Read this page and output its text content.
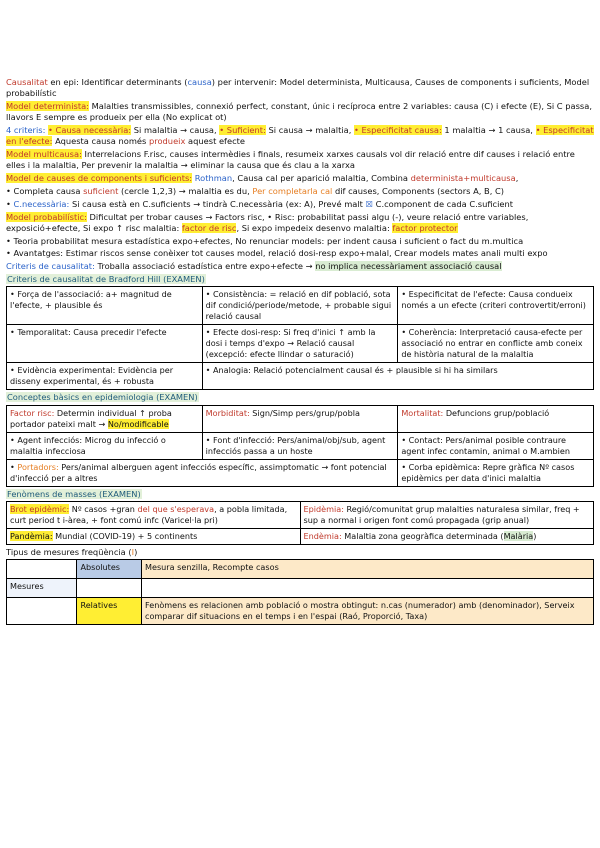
Causalitat en epi: Identificar determinants (causa) per intervenir: Model determinista, Multicausa, Causes de components i suficients, Model probabilístic

Model determinista: Malalties transmissibles, connexió perfect, constant, únic i recíproca entre 2 variables: causa (C) i efecte (E), Si C passa, llavors E sempre es produeix per ella (No explicat ot)

4 criteris: • Causa necessària: Si malaltia → causa, • Suficient: Si causa → malaltia, • Especificitat causa: 1 malaltia → 1 causa, • Especificitat en l'efecte: Aquesta causa només produeix aquest efecte

Model multicausa: Interrelacions F.risc, causes intermèdies i finals, resumeix xarxes causals vol dir relació entre dif causes i relació entre elles i la malaltia, Per prevenir la malaltia → eliminar la causa que és clau a la xarxa

Model de causes de components i suficients: Rothman, Causa cal per aparició malaltia, Combina determinista+multicausa,

• Completa causa suficient (cercle 1,2,3) → malaltia es du, Per completarla cal dif causes, Components (sectors A, B, C)

• C.necessària: Si causa està en C.suficients → tindrà C.necessària (ex: A), Prevé malt ☒ C.component de cada C.suficient

Model probabilístic: Dificultat per trobar causes → Factors risc, • Risc: probabilitat passi algu (-), veure relació entre variables, exposició+efecte, Si expo ↑ risc malaltia: factor de risc, Si expo impedeix desenvo malaltia: factor protector

• Teoria probabilitat mesura estadística expo+efectes, No renunciar models: per indent causa i suficient o fact du m.multica

• Avantatges: Estimar riscos sense conèixer tot causes model, relació dosi-resp expo+malal, Crear models mates anali multi expo

Criteris de causalitat: Troballa associació estadística entre expo+efecte → no implica necessàriament associació causal

Criteris de causalitat de Bradford Hill (EXAMEN)

• Força de l'associació: a+ magnitud de l'efecte, + plausible és	• Consistència: = relació en dif població, sota dif condició/periode/metode, + probable sigui relació causal	• Especificitat de l'efecte: Causa condueix només a un efecte (criteri controvertit/erroni)
• Temporalitat: Causa precedir l'efecte	• Efecte dosi-resp: Si freq d'inici ↑ amb la dosi i temps d'expo → Relació causal (excepció: efecte llindar o saturació)	• Coherència: Interpretació causa-efecte per associació no entrar en conflicte amb coneix de història natural de la malaltia
• Evidència experimental: Evidència per disseny experimental, és + robusta	• Analogia: Relació potencialment causal és + plausible si hi ha similars	

Conceptes bàsics en epidemiologia (EXAMEN)

Factor risc: Determin individual ↑ proba portador pateixi malt → No/modificable	Morbiditat: Sign/Simp pers/grup/pobla	Mortalitat: Defuncions grup/població
• Agent infecciós: Microg du infecció o malaltia infecciosa	• Font d'infecció: Pers/animal/obj/sub, agent infecciós passa a un hoste	• Contact: Pers/animal posible contraure agent infec contamin, animal o M.ambien
• Portadors: Pers/animal alberguen agent infecciós específic, assimptomatic → font potencial d'infecció per a altres		• Corba epidèmica: Repre gràfica Nº casos epidèmics per data d'inici malaltia

Fenòmens de masses (EXAMEN)

Brot epidèmic: Nº casos +gran del que s'esperava, a pobla limitada, curt period t i-àrea, + font comú infc (Varicel·la pri)	Epidèmia: Regió/comunitat grup malalties naturalesa similar, freq + sup a normal i origen font comú propagada (grip anual)
Pandèmia: Mundial (COVID-19) + 5 continents	Endèmia: Malaltia zona geogràfica determinada (Malària)

Tipus de mesures freqüència (I)

	Absolutes	Mesura senzilla, Recompte casos
Mesures		
	Relatives	Fenòmens es relacionen amb població o mostra obtingut: n.cas (numerador) amb (denominador), Serveix comparar dif situacions en el temps i en l'espai (Raó, Proporció, Taxa)
